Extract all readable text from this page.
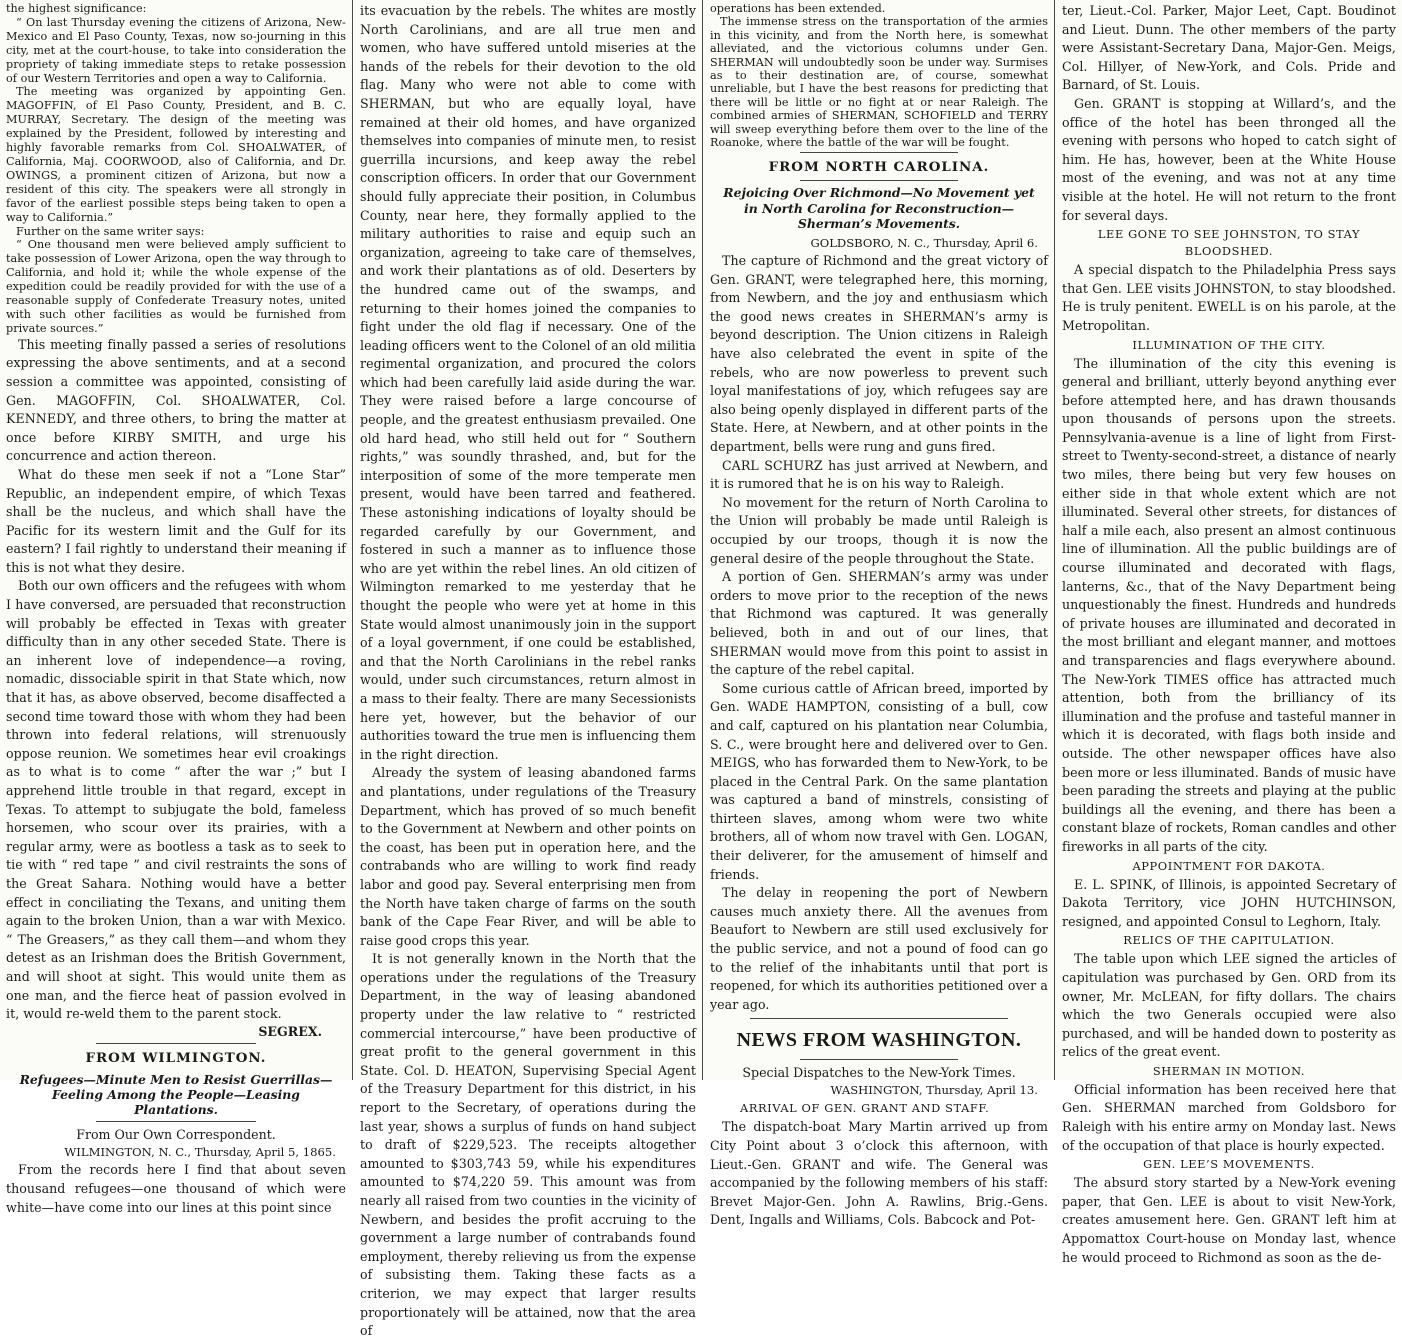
the highest significance:

“ On last Thursday evening the citizens of Arizona, New-Mexico and El Paso County, Texas, now so-journing in this city, met at the court-house, to take into consideration the propriety of taking immediate steps to retake possession of our Western Territories and open a way to California.

The meeting was organized by appointing Gen. MAGOFFIN, of El Paso County, President, and B. C. MURRAY, Secretary. The design of the meeting was explained by the President, followed by interesting and highly favorable remarks from Col. SHOALWATER, of California, Maj. COORWOOD, also of California, and Dr. OWINGS, a prominent citizen of Arizona, but now a resident of this city. The speakers were all strongly in favor of the earliest possible steps being taken to open a way to California.”

Further on the same writer says:

“ One thousand men were believed amply sufficient to take possession of Lower Arizona, open the way through to California, and hold it; while the whole expense of the expedition could be readily provided for with the use of a reasonable supply of Confederate Treasury notes, united with such other facilities as would be furnished from private sources.”

This meeting finally passed a series of resolutions expressing the above sentiments, and at a second session a committee was appointed, consisting of Gen. MAGOFFIN, Col. SHOALWATER, Col. KENNEDY, and three others, to bring the matter at once before KIRBY SMITH, and urge his concurrence and action thereon.

What do these men seek if not a “Lone Star” Republic, an independent empire, of which Texas shall be the nucleus, and which shall have the Pacific for its western limit and the Gulf for its eastern? I fail rightly to understand their meaning if this is not what they desire.

Both our own officers and the refugees with whom I have conversed, are persuaded that reconstruction will probably be effected in Texas with greater difficulty than in any other seceded State. There is an inherent love of independence—a roving, nomadic, dissociable spirit in that State which, now that it has, as above observed, become disaffected a second time toward those with whom they had been thrown into federal relations, will strenuously oppose reunion. We sometimes hear evil croakings as to what is to come “ after the war ;” but I apprehend little trouble in that regard, except in Texas. To attempt to subjugate the bold, fameless horsemen, who scour over its prairies, with a regular army, were as bootless a task as to seek to tie with “ red tape ” and civil restraints the sons of the Great Sahara. Nothing would have a better effect in conciliating the Texans, and uniting them again to the broken Union, than a war with Mexico. “ The Greasers,” as they call them—and whom they detest as an Irishman does the British Government, and will shoot at sight. This would unite them as one man, and the fierce heat of passion evolved in it, would re-weld them to the parent stock.

SEGREX.
FROM WILMINGTON.
Refugees—Minute Men to Resist Guerrillas—Feeling Among the People—Leasing Plantations.
From Our Own Correspondent.
WILMINGTON, N. C., Thursday, April 5, 1865.

From the records here I find that about seven thousand refugees—one thousand of which were white—have come into our lines at this point since

its evacuation by the rebels. The whites are mostly North Carolinians, and are all true men and women, who have suffered untold miseries at the hands of the rebels for their devotion to the old flag. Many who were not able to come with SHERMAN, but who are equally loyal, have remained at their old homes, and have organized themselves into companies of minute men, to resist guerrilla incursions, and keep away the rebel conscription officers. In order that our Government should fully appreciate their position, in Columbus County, near here, they formally applied to the military authorities to raise and equip such an organization, agreeing to take care of themselves, and work their plantations as of old. Deserters by the hundred came out of the swamps, and returning to their homes joined the companies to fight under the old flag if necessary. One of the leading officers went to the Colonel of an old militia regimental organization, and procured the colors which had been carefully laid aside during the war. They were raised before a large concourse of people, and the greatest enthusiasm prevailed. One old hard head, who still held out for “ Southern rights,” was soundly thrashed, and, but for the interposition of some of the more temperate men present, would have been tarred and feathered. These astonishing indications of loyalty should be regarded carefully by our Government, and fostered in such a manner as to influence those who are yet within the rebel lines. An old citizen of Wilmington remarked to me yesterday that he thought the people who were yet at home in this State would almost unanimously join in the support of a loyal government, if one could be established, and that the North Carolinians in the rebel ranks would, under such circumstances, return almost in a mass to their fealty. There are many Secessionists here yet, however, but the behavior of our authorities toward the true men is influencing them in the right direction.

Already the system of leasing abandoned farms and plantations, under regulations of the Treasury Department, which has proved of so much benefit to the Government at Newbern and other points on the coast, has been put in operation here, and the contrabands who are willing to work find ready labor and good pay. Several enterprising men from the North have taken charge of farms on the south bank of the Cape Fear River, and will be able to raise good crops this year.

It is not generally known in the North that the operations under the regulations of the Treasury Department, in the way of leasing abandoned property under the law relative to “ restricted commercial intercourse,” have been productive of great profit to the general government in this State. Col. D. HEATON, Supervising Special Agent of the Treasury Department for this district, in his report to the Secretary, of operations during the last year, shows a surplus of funds on hand subject to draft of $229,523. The receipts altogether amounted to $303,743 59, while his expenditures amounted to $74,220 59. This amount was from nearly all raised from two counties in the vicinity of Newbern, and besides the profit accruing to the government a large number of contrabands found employment, thereby relieving us from the expense of subsisting them. Taking these facts as a criterion, we may expect that larger results proportionately will be attained, now that the area of

operations has been extended.

The immense stress on the transportation of the armies in this vicinity, and from the North here, is somewhat alleviated, and the victorious columns under Gen. SHERMAN will undoubtedly soon be under way. Surmises as to their destination are, of course, somewhat unreliable, but I have the best reasons for predicting that there will be little or no fight at or near Raleigh. The combined armies of SHERMAN, SCHOFIELD and TERRY will sweep everything before them over to the line of the Roanoke, where the battle of the war will be fought.

FROM NORTH CAROLINA.
Rejoicing Over Richmond—No Movement yet in North Carolina for Reconstruction—Sherman’s Movements.
GOLDSBORO, N. C., Thursday, April 6.

The capture of Richmond and the great victory of Gen. GRANT, were telegraphed here, this morning, from Newbern, and the joy and enthusiasm which the good news creates in SHERMAN’s army is beyond description. The Union citizens in Raleigh have also celebrated the event in spite of the rebels, who are now powerless to prevent such loyal manifestations of joy, which refugees say are also being openly displayed in different parts of the State. Here, at Newbern, and at other points in the department, bells were rung and guns fired.

CARL SCHURZ has just arrived at Newbern, and it is rumored that he is on his way to Raleigh.

No movement for the return of North Carolina to the Union will probably be made until Raleigh is occupied by our troops, though it is now the general desire of the people throughout the State.

A portion of Gen. SHERMAN’s army was under orders to move prior to the reception of the news that Richmond was captured. It was generally believed, both in and out of our lines, that SHERMAN would move from this point to assist in the capture of the rebel capital.

Some curious cattle of African breed, imported by Gen. WADE HAMPTON, consisting of a bull, cow and calf, captured on his plantation near Columbia, S. C., were brought here and delivered over to Gen. MEIGS, who has forwarded them to New-York, to be placed in the Central Park. On the same plantation was captured a band of minstrels, consisting of thirteen slaves, among whom were two white brothers, all of whom now travel with Gen. LOGAN, their deliverer, for the amusement of himself and friends.

The delay in reopening the port of Newbern causes much anxiety there. All the avenues from Beaufort to Newbern are still used exclusively for the public service, and not a pound of food can go to the relief of the inhabitants until that port is reopened, for which its authorities petitioned over a year ago.

NEWS FROM WASHINGTON.
Special Dispatches to the New-York Times.
WASHINGTON, Thursday, April 13.
ARRIVAL OF GEN. GRANT AND STAFF.

The dispatch-boat Mary Martin arrived up from City Point about 3 o’clock this afternoon, with Lieut.-Gen. GRANT and wife. The General was accompanied by the following members of his staff: Brevet Major-Gen. John A. Rawlins, Brig.-Gens. Dent, Ingalls and Williams, Cols. Babcock and Pot-

ter, Lieut.-Col. Parker, Major Leet, Capt. Boudinot and Lieut. Dunn. The other members of the party were Assistant-Secretary Dana, Major-Gen. Meigs, Col. Hillyer, of New-York, and Cols. Pride and Barnard, of St. Louis.

Gen. GRANT is stopping at Willard’s, and the office of the hotel has been thronged all the evening with persons who hoped to catch sight of him. He has, however, been at the White House most of the evening, and was not at any time visible at the hotel. He will not return to the front for several days.

LEE GONE TO SEE JOHNSTON, TO STAY BLOODSHED.

A special dispatch to the Philadelphia Press says that Gen. LEE visits JOHNSTON, to stay bloodshed. He is truly penitent. EWELL is on his parole, at the Metropolitan.

ILLUMINATION OF THE CITY.

The illumination of the city this evening is general and brilliant, utterly beyond anything ever before attempted here, and has drawn thousands upon thousands of persons upon the streets. Pennsylvania-avenue is a line of light from First-street to Twenty-second-street, a distance of nearly two miles, there being but very few houses on either side in that whole extent which are not illuminated. Several other streets, for distances of half a mile each, also present an almost continuous line of illumination. All the public buildings are of course illuminated and decorated with flags, lanterns, &c., that of the Navy Department being unquestionably the finest. Hundreds and hundreds of private houses are illuminated and decorated in the most brilliant and elegant manner, and mottoes and transparencies and flags everywhere abound. The New-York TIMES office has attracted much attention, both from the brilliancy of its illumination and the profuse and tasteful manner in which it is decorated, with flags both inside and outside. The other newspaper offices have also been more or less illuminated. Bands of music have been parading the streets and playing at the public buildings all the evening, and there has been a constant blaze of rockets, Roman candles and other fireworks in all parts of the city.

APPOINTMENT FOR DAKOTA.

E. L. SPINK, of Illinois, is appointed Secretary of Dakota Territory, vice JOHN HUTCHINSON, resigned, and appointed Consul to Leghorn, Italy.

RELICS OF THE CAPITULATION.

The table upon which LEE signed the articles of capitulation was purchased by Gen. ORD from its owner, Mr. McLEAN, for fifty dollars. The chairs which the two Generals occupied were also purchased, and will be handed down to posterity as relics of the great event.

SHERMAN IN MOTION.

Official information has been received here that Gen. SHERMAN marched from Goldsboro for Raleigh with his entire army on Monday last. News of the occupation of that place is hourly expected.

GEN. LEE’S MOVEMENTS.

The absurd story started by a New-York evening paper, that Gen. LEE is about to visit New-York, creates amusement here. Gen. GRANT left him at Appomattox Court-house on Monday last, whence he would proceed to Richmond as soon as the de-
